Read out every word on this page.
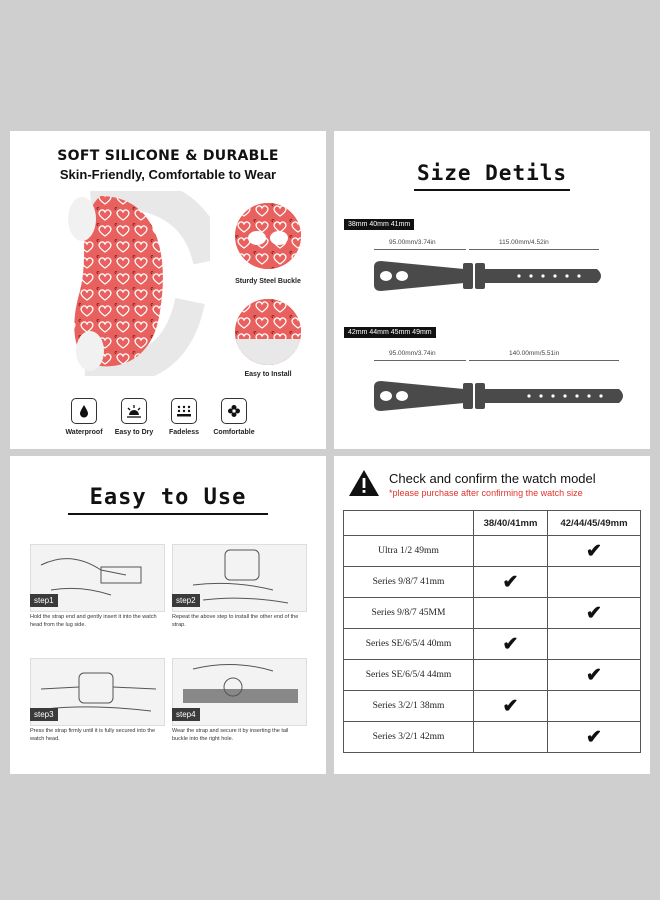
SOFT SILICONE & DURABLE
Skin-Friendly, Comfortable to Wear
Sturdy Steel Buckle
Easy to Install
Waterproof	Easy to Dry	Fadeless	Comfortable
Size Detils
38mm 40mm 41mm
95.00mm/3.74in	115.00mm/4.52in
42mm 44mm 45mm 49mm
95.00mm/3.74in	140.00mm/5.51in
Easy to Use
step1
Hold the strap end and gently insert it into the watch head from the lug side.
step2
Repeat the above step to install the other end of the strap.
step3
Press the strap firmly until it is fully secured into the watch head.
step4
Wear the strap and secure it by inserting the tail buckle into the right hole.
Check and confirm the watch model
*please purchase after confirming the watch size
	38/40/41mm	42/44/45/49mm
Ultra 1/2 49mm		✔
Series 9/8/7 41mm	✔	
Series 9/8/7 45MM		✔
Series SE/6/5/4 40mm	✔	
Series SE/6/5/4 44mm		✔
Series 3/2/1 38mm	✔	
Series 3/2/1 42mm		✔
